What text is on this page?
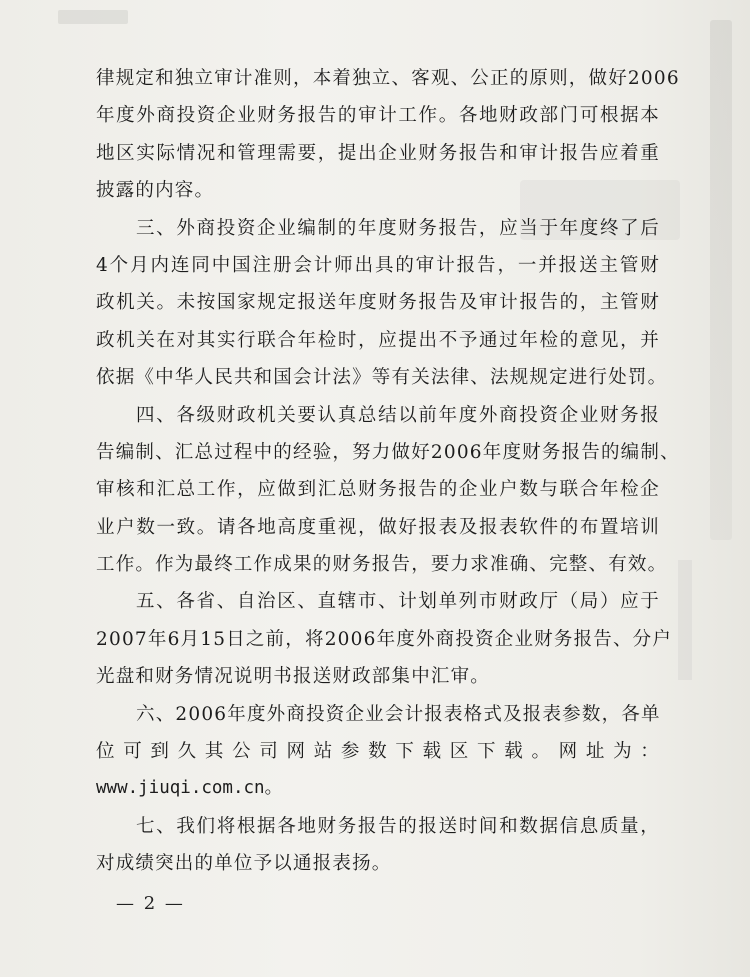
律规定和独立审计准则，本着独立、客观、公正的原则，做好2006
年度外商投资企业财务报告的审计工作。各地财政部门可根据本
地区实际情况和管理需要，提出企业财务报告和审计报告应着重
披露的内容。
三、外商投资企业编制的年度财务报告，应当于年度终了后
4个月内连同中国注册会计师出具的审计报告，一并报送主管财
政机关。未按国家规定报送年度财务报告及审计报告的，主管财
政机关在对其实行联合年检时，应提出不予通过年检的意见，并
依据《中华人民共和国会计法》等有关法律、法规规定进行处罚。
四、各级财政机关要认真总结以前年度外商投资企业财务报
告编制、汇总过程中的经验，努力做好2006年度财务报告的编制、
审核和汇总工作，应做到汇总财务报告的企业户数与联合年检企
业户数一致。请各地高度重视，做好报表及报表软件的布置培训
工作。作为最终工作成果的财务报告，要力求准确、完整、有效。
五、各省、自治区、直辖市、计划单列市财政厅（局）应于
2007年6月15日之前，将2006年度外商投资企业财务报告、分户
光盘和财务情况说明书报送财政部集中汇审。
六、2006年度外商投资企业会计报表格式及报表参数，各单
位可到久其公司网站参数下载区下载。网址为：
www.jiuqi.com.cn。
七、我们将根据各地财务报告的报送时间和数据信息质量，
对成绩突出的单位予以通报表扬。
— 2 —
